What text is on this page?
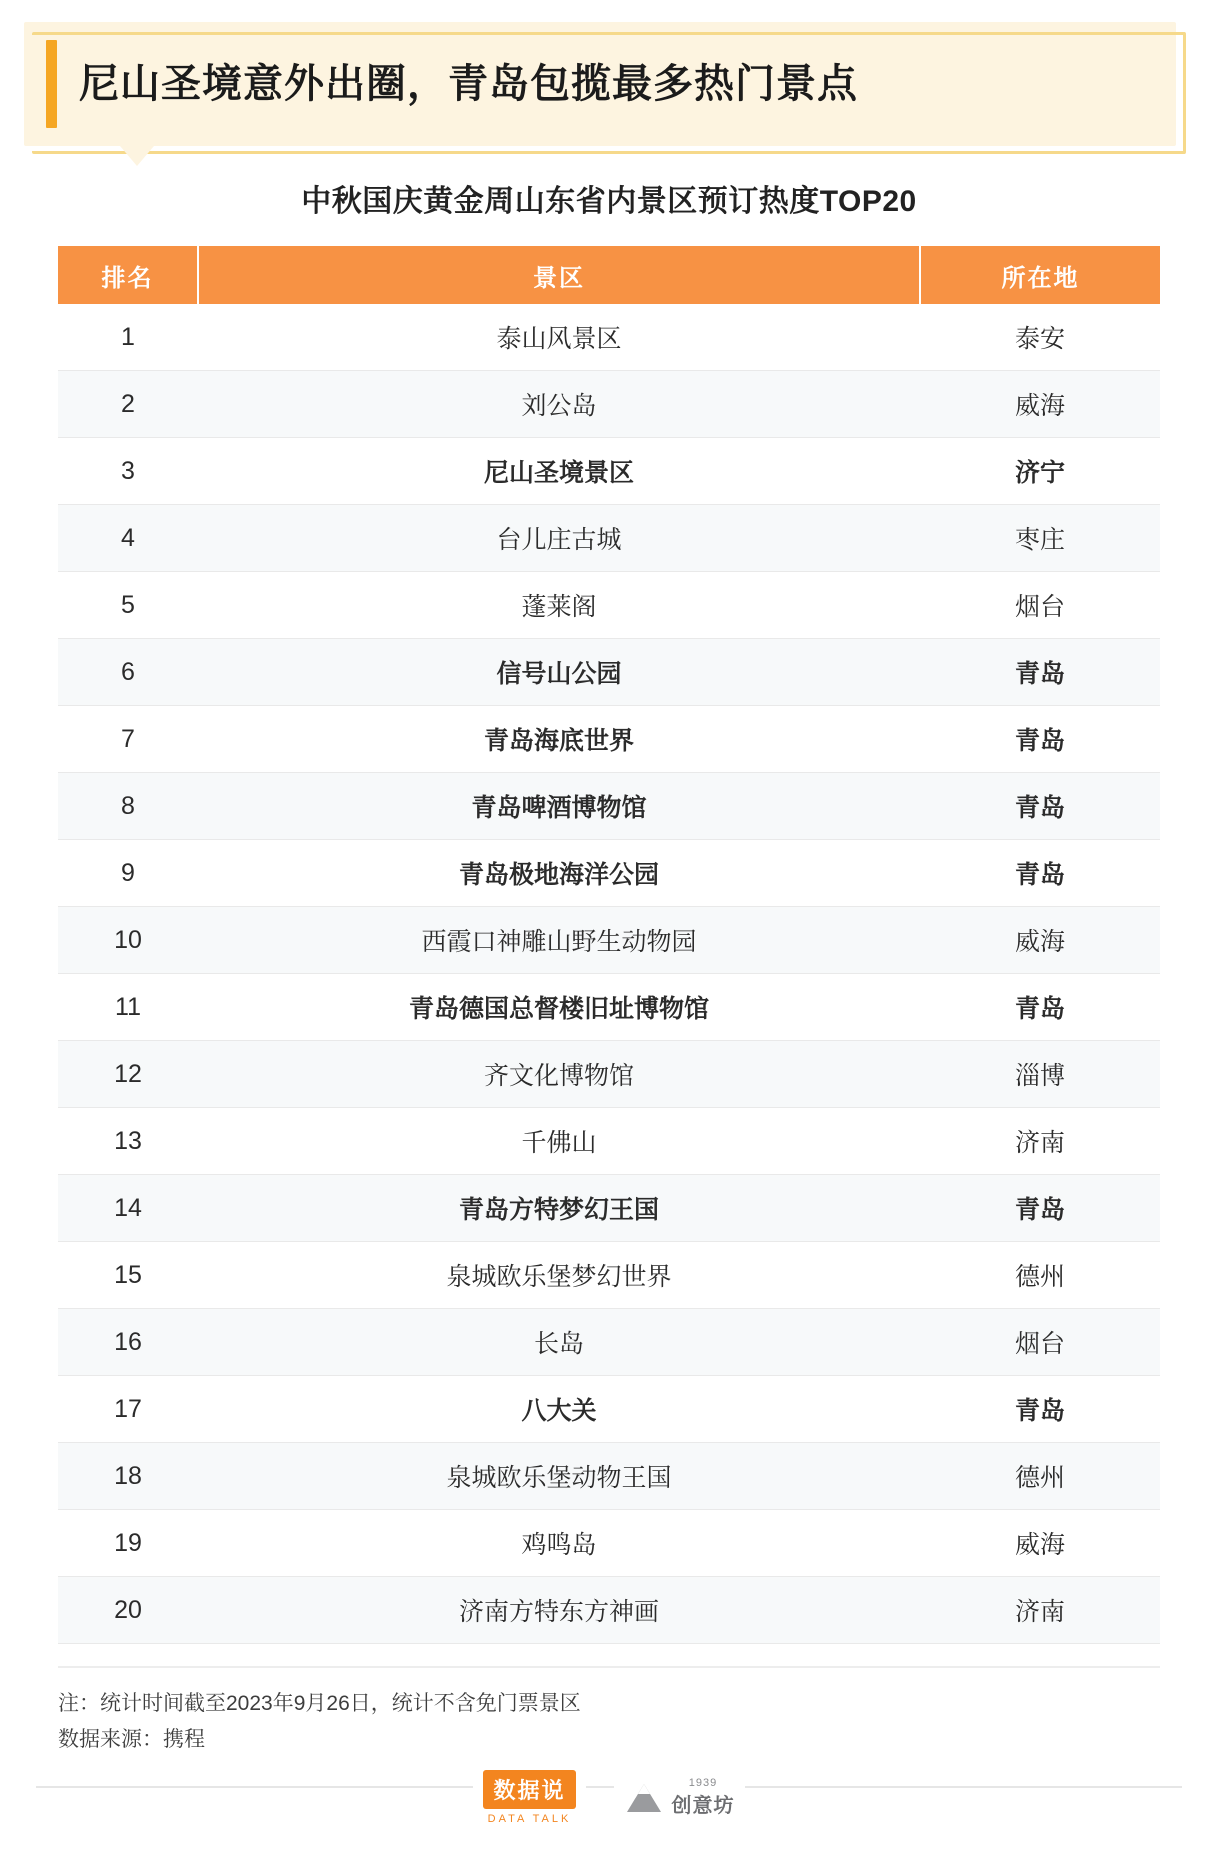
尼山圣境意外出圈，青岛包揽最多热门景点
中秋国庆黄金周山东省内景区预订热度TOP20
排名	景区	所在地
1	泰山风景区	泰安
2	刘公岛	威海
3	尼山圣境景区	济宁
4	台儿庄古城	枣庄
5	蓬莱阁	烟台
6	信号山公园	青岛
7	青岛海底世界	青岛
8	青岛啤酒博物馆	青岛
9	青岛极地海洋公园	青岛
10	西霞口神雕山野生动物园	威海
11	青岛德国总督楼旧址博物馆	青岛
12	齐文化博物馆	淄博
13	千佛山	济南
14	青岛方特梦幻王国	青岛
15	泉城欧乐堡梦幻世界	德州
16	长岛	烟台
17	八大关	青岛
18	泉城欧乐堡动物王国	德州
19	鸡鸣岛	威海
20	济南方特东方神画	济南
注：统计时间截至2023年9月26日，统计不含免门票景区
数据来源：携程
数据说
DATA TALK
1939
创意坊
